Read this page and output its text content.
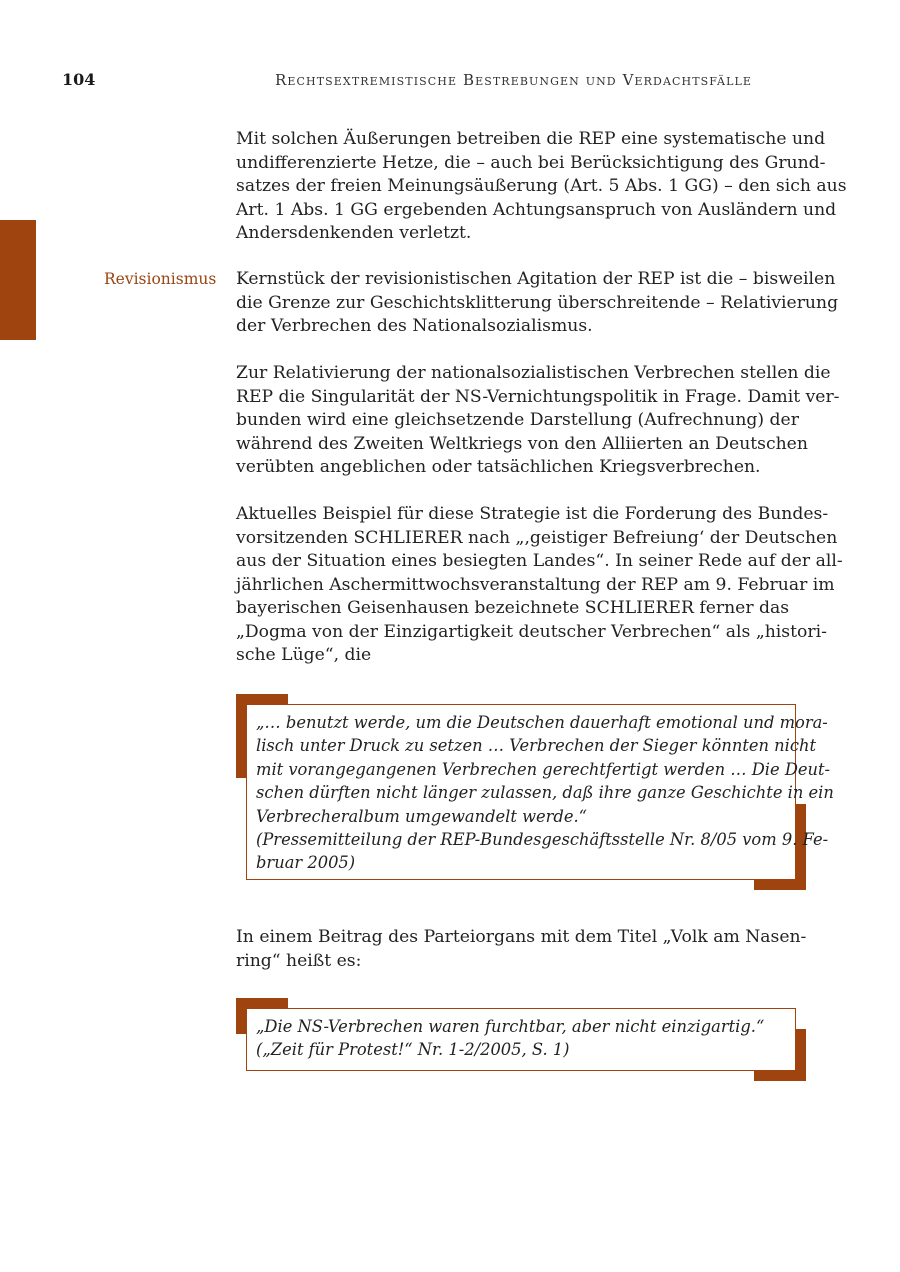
104	Rechtsextremistische Bestrebungen und Verdachtsfälle
Revisionismus

Mit solchen Äußerungen betreiben die REP eine systematische und
undifferenzierte Hetze, die – auch bei Berücksichtigung des Grund-
satzes der freien Meinungsäußerung (Art. 5 Abs. 1 GG) – den sich aus
Art. 1 Abs. 1 GG ergebenden Achtungsanspruch von Ausländern und
Andersdenkenden verletzt.

Kernstück der revisionistischen Agitation der REP ist die – bisweilen
die Grenze zur Geschichtsklitterung überschreitende – Relativierung
der Verbrechen des Nationalsozialismus.

Zur Relativierung der nationalsozialistischen Verbrechen stellen die
REP die Singularität der NS-Vernichtungspolitik in Frage. Damit ver-
bunden wird eine gleichsetzende Darstellung (Aufrechnung) der
während des Zweiten Weltkriegs von den Alliierten an Deutschen
verübten angeblichen oder tatsächlichen Kriegsverbrechen.

Aktuelles Beispiel für diese Strategie ist die Forderung des Bundes-
vorsitzenden SCHLIERER nach „‚geistiger Befreiung‘ der Deutschen
aus der Situation eines besiegten Landes“. In seiner Rede auf der all-
jährlichen Aschermittwochsveranstaltung der REP am 9. Februar im
bayerischen Geisenhausen bezeichnete SCHLIERER ferner das
„Dogma von der Einzigartigkeit deutscher Verbrechen“ als „histori-
sche Lüge“, die

„… benutzt werde, um die Deutschen dauerhaft emotional und mora-
lisch unter Druck zu setzen … Verbrechen der Sieger könnten nicht
mit vorangegangenen Verbrechen gerechtfertigt werden … Die Deut-
schen dürften nicht länger zulassen, daß ihre ganze Geschichte in ein
Verbrecheralbum umgewandelt werde.“
(Pressemitteilung der REP-Bundesgeschäftsstelle Nr. 8/05 vom 9. Fe-
bruar 2005)

In einem Beitrag des Parteiorgans mit dem Titel „Volk am Nasen-
ring“ heißt es:

„Die NS-Verbrechen waren furchtbar, aber nicht einzigartig.“
(„Zeit für Protest!“ Nr. 1-2/2005, S. 1)
